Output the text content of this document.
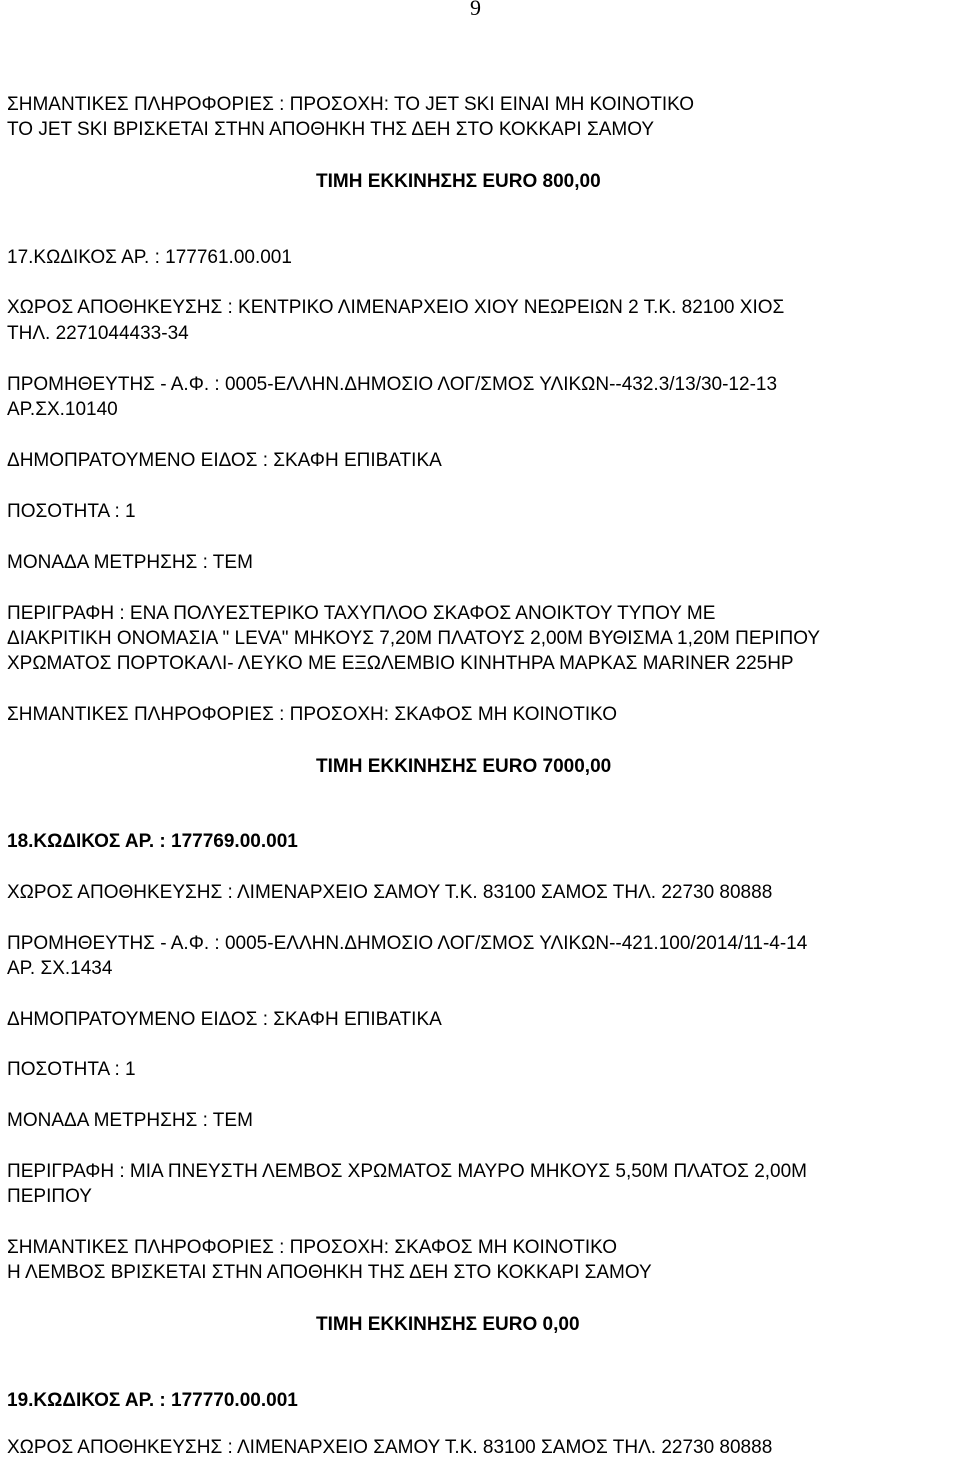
9
ΣΗΜΑΝΤΙΚΕΣ ΠΛΗΡΟΦΟΡΙΕΣ : ΠΡΟΣΟΧΗ: ΤΟ JET SKI ΕΙΝΑΙ ΜΗ ΚΟΙΝΟΤΙΚΟ
ΤΟ JET SKI ΒΡΙΣΚΕΤΑΙ ΣΤΗΝ ΑΠΟΘΗΚΗ ΤΗΣ ΔΕΗ ΣΤΟ ΚΟΚΚΑΡΙ ΣΑΜΟΥ
ΤΙΜΗ ΕΚΚΙΝΗΣΗΣ EURO 800,00
17.ΚΩΔΙΚΟΣ ΑΡ. : 177761.00.001
ΧΩΡΟΣ ΑΠΟΘΗΚΕΥΣΗΣ : ΚΕΝΤΡΙΚΟ ΛΙΜΕΝΑΡΧΕΙΟ ΧΙΟΥ ΝΕΩΡΕΙΩΝ 2 Τ.Κ. 82100 ΧΙΟΣ
ΤΗΛ. 2271044433-34
ΠΡΟΜΗΘΕΥΤΗΣ - Α.Φ. : 0005-ΕΛΛΗΝ.ΔΗΜΟΣΙΟ ΛΟΓ/ΣΜΟΣ ΥΛΙΚΩΝ--432.3/13/30-12-13
ΑΡ.ΣΧ.10140
ΔΗΜΟΠΡΑΤΟΥΜΕΝΟ ΕΙΔΟΣ : ΣΚΑΦΗ ΕΠΙΒΑΤΙΚΑ
ΠΟΣΟΤΗΤΑ : 1
ΜΟΝΑΔΑ ΜΕΤΡΗΣΗΣ : ΤΕΜ
ΠΕΡΙΓΡΑΦΗ : ΕΝΑ ΠΟΛΥΕΣΤΕΡΙΚΟ ΤΑΧΥΠΛΟΟ ΣΚΑΦΟΣ ΑΝΟΙΚΤΟΥ ΤΥΠΟΥ ΜΕ
ΔΙΑΚΡΙΤΙΚΗ ΟΝΟΜΑΣΙΑ " LEVA" ΜΗΚΟΥΣ 7,20Μ ΠΛΑΤΟΥΣ 2,00Μ ΒΥΘΙΣΜΑ 1,20Μ ΠΕΡΙΠΟΥ
ΧΡΩΜΑΤΟΣ ΠΟΡΤΟΚΑΛΙ- ΛΕΥΚΟ ΜΕ ΕΞΩΛΕΜΒΙΟ ΚΙΝΗΤΗΡΑ ΜΑΡΚΑΣ MARINER 225HP
ΣΗΜΑΝΤΙΚΕΣ ΠΛΗΡΟΦΟΡΙΕΣ : ΠΡΟΣΟΧΗ: ΣΚΑΦΟΣ ΜΗ ΚΟΙΝΟΤΙΚΟ
ΤΙΜΗ ΕΚΚΙΝΗΣΗΣ EURO 7000,00
18.ΚΩΔΙΚΟΣ ΑΡ. : 177769.00.001
ΧΩΡΟΣ ΑΠΟΘΗΚΕΥΣΗΣ : ΛΙΜΕΝΑΡΧΕΙΟ ΣΑΜΟΥ Τ.Κ. 83100 ΣΑΜΟΣ ΤΗΛ. 22730 80888
ΠΡΟΜΗΘΕΥΤΗΣ - Α.Φ. : 0005-ΕΛΛΗΝ.ΔΗΜΟΣΙΟ ΛΟΓ/ΣΜΟΣ ΥΛΙΚΩΝ--421.100/2014/11-4-14
ΑΡ. ΣΧ.1434
ΔΗΜΟΠΡΑΤΟΥΜΕΝΟ ΕΙΔΟΣ : ΣΚΑΦΗ ΕΠΙΒΑΤΙΚΑ
ΠΟΣΟΤΗΤΑ : 1
ΜΟΝΑΔΑ ΜΕΤΡΗΣΗΣ : ΤΕΜ
ΠΕΡΙΓΡΑΦΗ : ΜΙΑ ΠΝΕΥΣΤΗ ΛΕΜΒΟΣ ΧΡΩΜΑΤΟΣ ΜΑΥΡΟ ΜΗΚΟΥΣ 5,50Μ ΠΛΑΤΟΣ 2,00Μ
ΠΕΡΙΠΟΥ
ΣΗΜΑΝΤΙΚΕΣ ΠΛΗΡΟΦΟΡΙΕΣ : ΠΡΟΣΟΧΗ: ΣΚΑΦΟΣ ΜΗ ΚΟΙΝΟΤΙΚΟ
Η ΛΕΜΒΟΣ ΒΡΙΣΚΕΤΑΙ ΣΤΗΝ ΑΠΟΘΗΚΗ ΤΗΣ ΔΕΗ ΣΤΟ ΚΟΚΚΑΡΙ ΣΑΜΟΥ
ΤΙΜΗ ΕΚΚΙΝΗΣΗΣ EURO 0,00
19.ΚΩΔΙΚΟΣ ΑΡ. : 177770.00.001
ΧΩΡΟΣ ΑΠΟΘΗΚΕΥΣΗΣ : ΛΙΜΕΝΑΡΧΕΙΟ ΣΑΜΟΥ Τ.Κ. 83100 ΣΑΜΟΣ ΤΗΛ. 22730 80888
